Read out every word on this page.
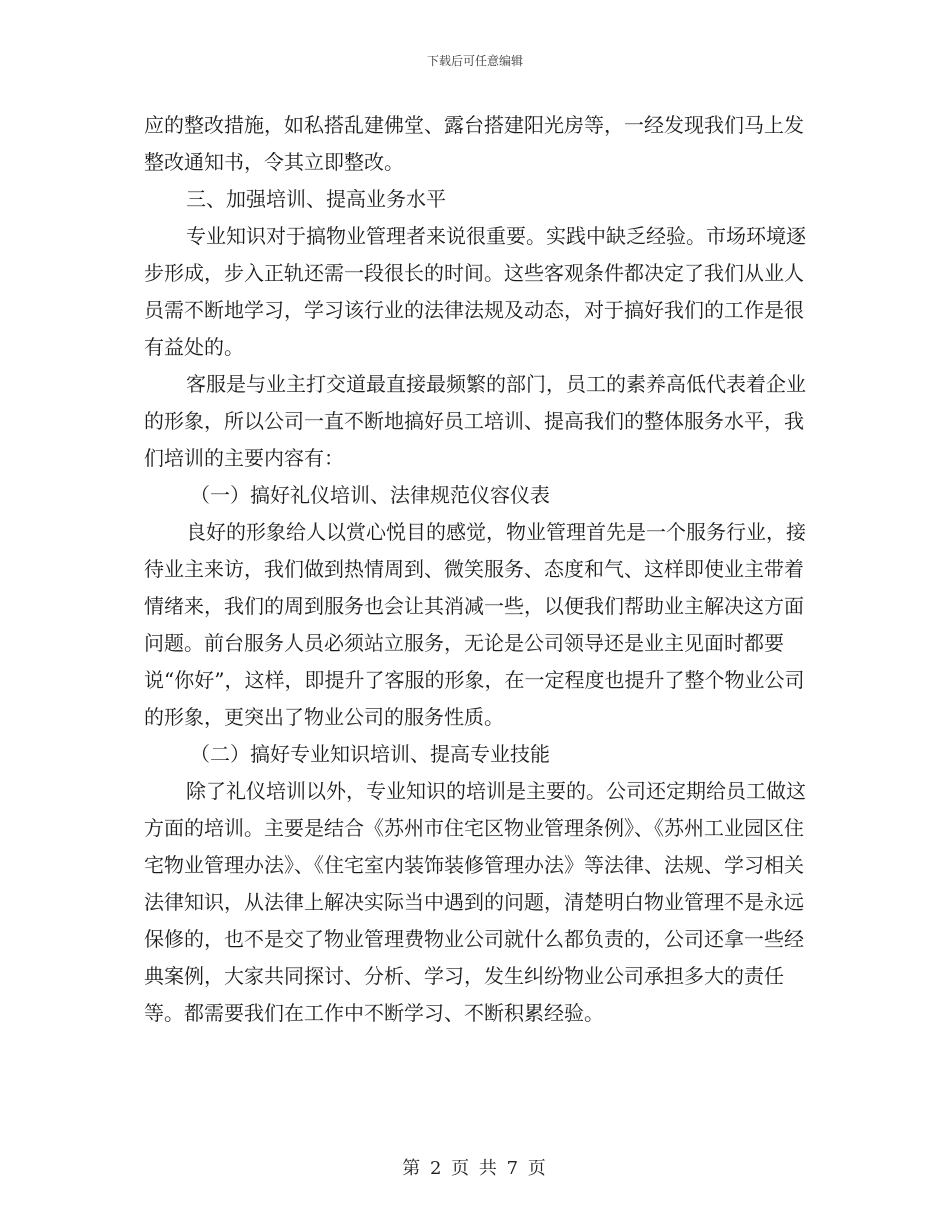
下载后可任意编辑

应的整改措施，如私搭乱建佛堂、露台搭建阳光房等，一经发现我们马上发整改通知书，令其立即整改。

三、加强培训、提高业务水平

专业知识对于搞物业管理者来说很重要。实践中缺乏经验。市场环境逐步形成，步入正轨还需一段很长的时间。这些客观条件都决定了我们从业人员需不断地学习，学习该行业的法律法规及动态，对于搞好我们的工作是很有益处的。

客服是与业主打交道最直接最频繁的部门，员工的素养高低代表着企业的形象，所以公司一直不断地搞好员工培训、提高我们的整体服务水平，我们培训的主要内容有：

（一）搞好礼仪培训、法律规范仪容仪表

良好的形象给人以赏心悦目的感觉，物业管理首先是一个服务行业，接待业主来访，我们做到热情周到、微笑服务、态度和气、这样即使业主带着情绪来，我们的周到服务也会让其消减一些，以便我们帮助业主解决这方面问题。前台服务人员必须站立服务，无论是公司领导还是业主见面时都要说“你好”，这样，即提升了客服的形象，在一定程度也提升了整个物业公司的形象，更突出了物业公司的服务性质。

（二）搞好专业知识培训、提高专业技能

除了礼仪培训以外，专业知识的培训是主要的。公司还定期给员工做这方面的培训。主要是结合《苏州市住宅区物业管理条例》、《苏州工业园区住宅物业管理办法》、《住宅室内装饰装修管理办法》等法律、法规、学习相关法律知识，从法律上解决实际当中遇到的问题，清楚明白物业管理不是永远保修的，也不是交了物业管理费物业公司就什么都负责的，公司还拿一些经典案例，大家共同探讨、分析、学习，发生纠纷物业公司承担多大的责任等。都需要我们在工作中不断学习、不断积累经验。

第 2 页 共 7 页
